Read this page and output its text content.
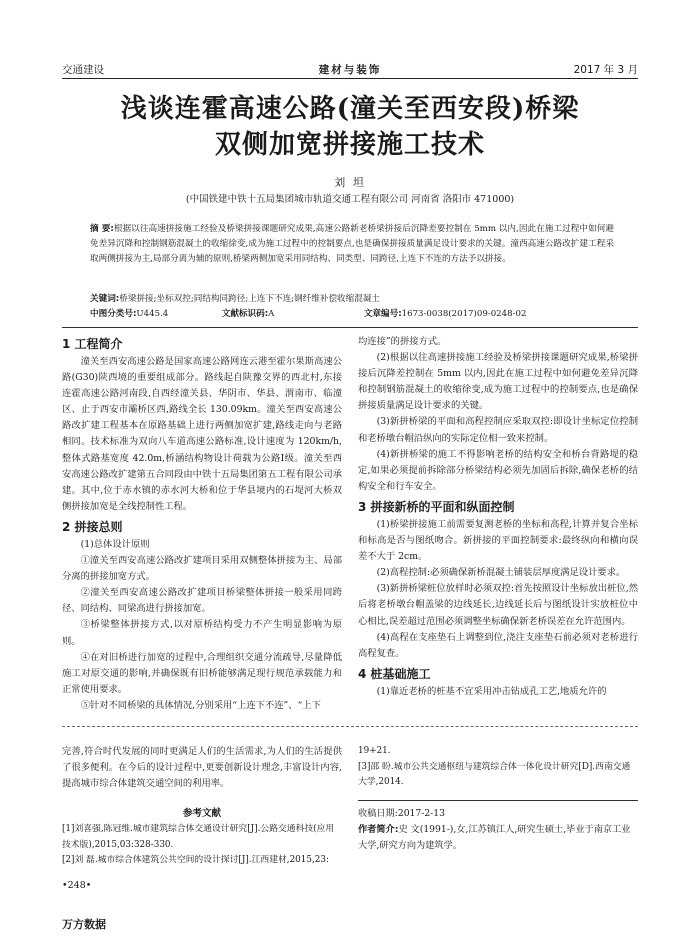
交通建设	建材与装饰	2017 年 3 月
浅谈连霍高速公路(潼关至西安段)桥梁
双侧加宽拼接施工技术
刘 坦
(中国铁建中铁十五局集团城市轨道交通工程有限公司 河南省 洛阳市 471000)
摘 要:根据以往高速拼接施工经验及桥梁拼接课题研究成果,高速公路新老桥梁拼接后沉降差要控制在 5mm 以内,因此在施工过程中如何避免差异沉降和控制钢筋混凝土的收缩徐变,成为施工过程中的控制要点,也是确保拼接质量满足设计要求的关键。潼西高速公路改扩建工程采取两侧拼接为主,局部分离为辅的原则,桥梁两侧加宽采用同结构、同类型、同跨径,上连下不连的方法予以拼接。
关键词:桥梁拼接;坐标双控;同结构同跨径;上连下不连;钢纤维补偿收缩混凝土
中图分类号:U445.4	文献标识码:A	文章编号:1673-0038(2017)09-0248-02
1 工程简介

潼关至西安高速公路是国家高速公路网连云港至霍尔果斯高速公路(G30)陕西境的重要组成部分。路线起自陕豫交界的西北村,东接连霍高速公路河南段,自西经潼关县、华阴市、华县、渭南市、临潼区、止于西安市灞桥区西,路线全长 130.09km。潼关至西安高速公路改扩建工程基本在原路基础上进行两侧加宽扩建,路线走向与老路相同。技术标准为双向八车道高速公路标准,设计速度为 120km/h,整体式路基宽度 42.0m,桥涵结构物设计荷载为公路Ⅰ级。潼关至西安高速公路改扩建第五合同段由中铁十五局集团第五工程有限公司承建。其中,位于赤水镇的赤水河大桥和位于华县境内的石堤河大桥双侧拼接加宽是全线控制性工程。

2 拼接总则

(1)总体设计原则

①潼关至西安高速公路改扩建项目采用双侧整体拼接为主、局部分离的拼接加宽方式。

②潼关至西安高速公路改扩建项目桥梁整体拼接一般采用同跨径、同结构、同梁高进行拼接加宽。

③桥梁整体拼接方式,以对原桥结构受力不产生明显影响为原则。

④在对旧桥进行加宽的过程中,合理组织交通分流疏导,尽量降低施工对原交通的影响,并确保既有旧桥能够满足现行规范承载能力和正常使用要求。

⑤针对不同桥梁的具体情况,分别采用“上连下不连”、“上下

均连接”的拼接方式。

(2)根据以往高速拼接施工经验及桥梁拼接课题研究成果,桥梁拼接后沉降差控制在 5mm 以内,因此在施工过程中如何避免差异沉降和控制钢筋混凝土的收缩徐变,成为施工过程中的控制要点,也是确保拼接质量满足设计要求的关键。

(3)新拼桥梁的平面和高程控制应采取双控:即设计坐标定位控制和老桥墩台帽沿纵向的实际定位相一致来控制。

(4)新拼桥梁的施工不得影响老桥的结构安全和桥台背路堤的稳定,如果必须提前拆除部分桥梁结构必须先加固后拆除,确保老桥的结构安全和行车安全。

3 拼接新桥的平面和纵面控制

(1)桥梁拼接施工前需要复测老桥的坐标和高程,计算并复合坐标和标高是否与图纸吻合。新拼接的平面控制要求:最终纵向和横向误差不大于 2cm。

(2)高程控制:必须确保新桥混凝土铺装层厚度满足设计要求。

(3)新拼桥梁桩位放样时必须双控:首先按照设计坐标放出桩位,然后将老桥墩台帽盖梁的边线延长,边线延长后与图纸设计实放桩位中心相比,误差超过范围必须调整坐标确保新老桥误差在允许范围内。

(4)高程在支座垫石上调整到位,浇注支座垫石前必须对老桥进行高程复查。

4 桩基础施工

(1)靠近老桥的桩基不宜采用冲击钻成孔工艺,地质允许的

完善,符合时代发展的同时更满足人们的生活需求,为人们的生活提供了很多便利。在今后的设计过程中,更要创新设计理念,丰富设计内容,提高城市综合体建筑交通空间的利用率。

参考文献

[1]刘喜强,陈冠维.城市建筑综合体交通设计研究[J].公路交通科技(应用技术版),2015,03:328-330.

[2]刘 磊.城市综合体建筑公共空间的设计探讨[J].江西建材,2015,23:

19+21.

[3]邵 盼.城市公共交通枢纽与建筑综合体一体化设计研究[D].西南交通大学,2014.

收稿日期:2017-2-13

作者简介:史 文(1991-),女,江苏镇江人,研究生硕士,毕业于南京工业大学,研究方向为建筑学。

•248•
万方数据
